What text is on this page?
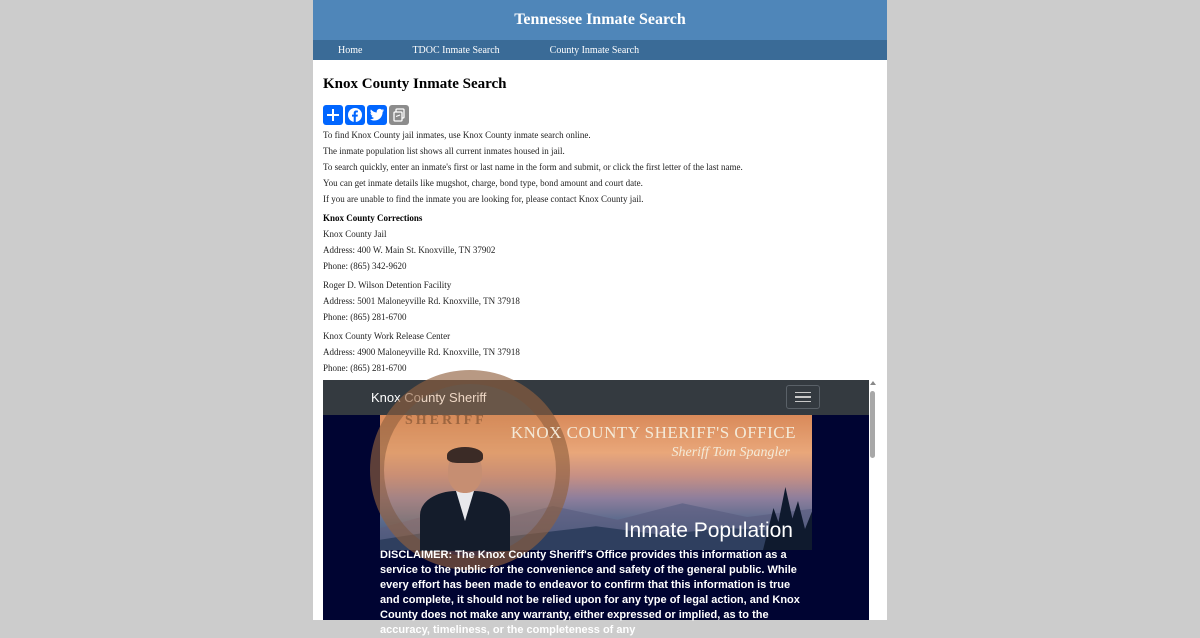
Tennessee Inmate Search
Home	TDOC Inmate Search	County Inmate Search
Knox County Inmate Search

To find Knox County jail inmates, use Knox County inmate search online.

The inmate population list shows all current inmates housed in jail.

To search quickly, enter an inmate's first or last name in the form and submit, or click the first letter of the last name.

You can get inmate details like mugshot, charge, bond type, bond amount and court date.

If you are unable to find the inmate you are looking for, please contact Knox County jail.

Knox County Corrections

Knox County Jail

Address: 400 W. Main St. Knoxville, TN 37902

Phone: (865) 342-9620

Roger D. Wilson Detention Facility

Address: 5001 Maloneyville Rd. Knoxville, TN 37918

Phone: (865) 281-6700

Knox County Work Release Center

Address: 4900 Maloneyville Rd. Knoxville, TN 37918

Phone: (865) 281-6700

Knox County Sheriff
SHERIFF
KNOX COUNTY SHERIFF'S OFFICE
Sheriff Tom Spangler
Inmate Population
DISCLAIMER: The Knox County Sheriff's Office provides this information as a service to the public for the convenience and safety of the general public. While every effort has been made to endeavor to confirm that this information is true and complete, it should not be relied upon for any type of legal action, and Knox County does not make any warranty, either expressed or implied, as to the accuracy, timeliness, or the completeness of any
